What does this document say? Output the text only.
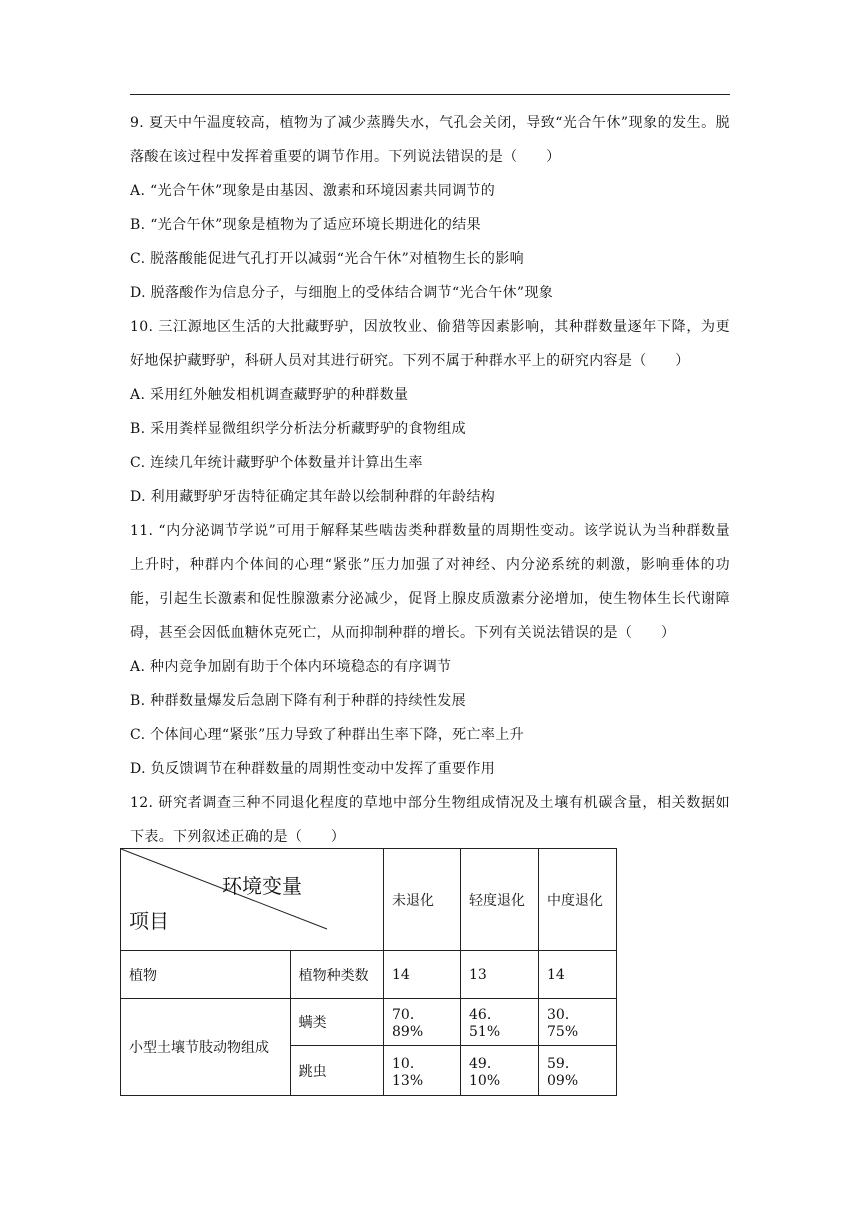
9. 夏天中午温度较高，植物为了减少蒸腾失水，气孔会关闭，导致“光合午休”现象的发生。脱落酸在该过程中发挥着重要的调节作用。下列说法错误的是（　　）

A. “光合午休”现象是由基因、激素和环境因素共同调节的

B. “光合午休”现象是植物为了适应环境长期进化的结果

C. 脱落酸能促进气孔打开以减弱“光合午休”对植物生长的影响

D. 脱落酸作为信息分子，与细胞上的受体结合调节“光合午休”现象

10. 三江源地区生活的大批藏野驴，因放牧业、偷猎等因素影响，其种群数量逐年下降，为更好地保护藏野驴，科研人员对其进行研究。下列不属于种群水平上的研究内容是（　　）

A. 采用红外触发相机调查藏野驴的种群数量

B. 采用粪样显微组织学分析法分析藏野驴的食物组成

C. 连续几年统计藏野驴个体数量并计算出生率

D. 利用藏野驴牙齿特征确定其年龄以绘制种群的年龄结构

11. “内分泌调节学说”可用于解释某些啮齿类种群数量的周期性变动。该学说认为当种群数量上升时，种群内个体间的心理“紧张”压力加强了对神经、内分泌系统的刺激，影响垂体的功能，引起生长激素和促性腺激素分泌减少，促肾上腺皮质激素分泌增加，使生物体生长代谢障碍，甚至会因低血糖休克死亡，从而抑制种群的增长。下列有关说法错误的是（　　）

A. 种内竞争加剧有助于个体内环境稳态的有序调节

B. 种群数量爆发后急剧下降有利于种群的持续性发展

C. 个体间心理“紧张”压力导致了种群出生率下降，死亡率上升

D. 负反馈调节在种群数量的周期性变动中发挥了重要作用

12. 研究者调查三种不同退化程度的草地中部分生物组成情况及土壤有机碳含量，相关数据如下表。下列叙述正确的是（　　）

环境变量
项目		未退化	轻度退化	中度退化
植物	植物种类数	14	13	14
小型土壤节肢动物组成	螨类	70．89%	46．51%	30．75%
	跳虫	10．13%	49．10%	59．09%
